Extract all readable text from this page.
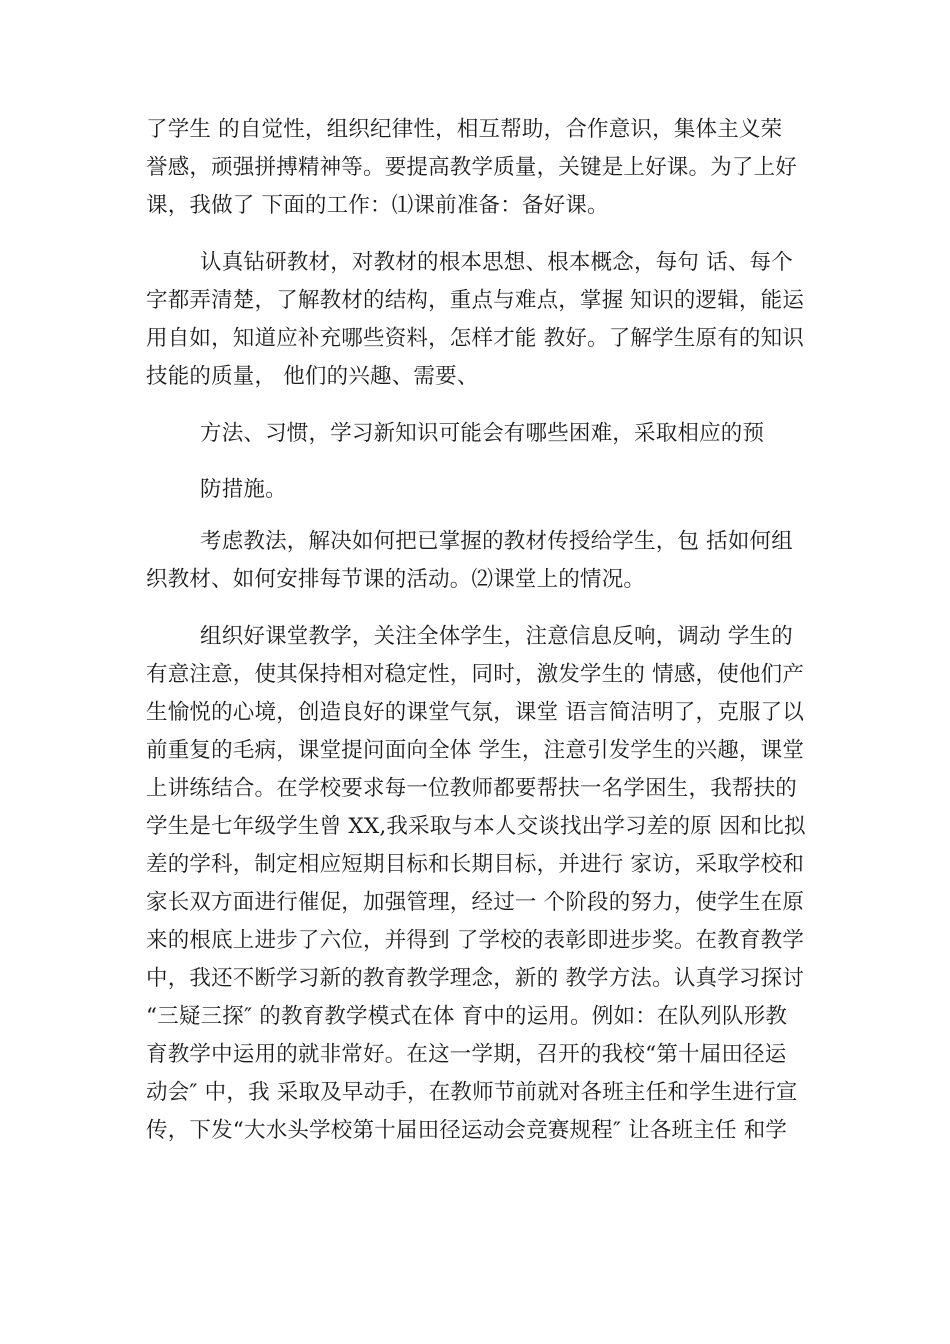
了学生 的自觉性，组织纪律性，相互帮助，合作意识，集体主义荣

誉感，顽强拼搏精神等。要提高教学质量，关键是上好课。为了上好

课，我做了 下面的工作：⑴课前准备：备好课。

认真钻研教材，对教材的根本思想、根本概念，每句 话、每个

字都弄清楚，了解教材的结构，重点与难点，掌握 知识的逻辑，能运

用自如，知道应补充哪些资料，怎样才能 教好。了解学生原有的知识

技能的质量， 他们的兴趣、需要、

方法、习惯，学习新知识可能会有哪些困难，采取相应的预

防措施。

考虑教法，解决如何把已掌握的教材传授给学生，包 括如何组

织教材、如何安排每节课的活动。⑵课堂上的情况。

组织好课堂教学，关注全体学生，注意信息反响，调动 学生的

有意注意，使其保持相对稳定性，同时，激发学生的 情感，使他们产

生愉悦的心境，创造良好的课堂气氛，课堂 语言简洁明了，克服了以

前重复的毛病，课堂提问面向全体 学生，注意引发学生的兴趣，课堂

上讲练结合。在学校要求每一位教师都要帮扶一名学困生，我帮扶的

学生是七年级学生曾 XX,我采取与本人交谈找出学习差的原 因和比拟

差的学科，制定相应短期目标和长期目标，并进行 家访，采取学校和

家长双方面进行催促，加强管理，经过一 个阶段的努力，使学生在原

来的根底上进步了六位，并得到 了学校的表彰即进步奖。在教育教学

中，我还不断学习新的教育教学理念，新的 教学方法。认真学习探讨

“三疑三探″ 的教育教学模式在体 育中的运用。例如：在队列队形教

育教学中运用的就非常好。在这一学期，召开的我校“第十届田径运

动会″ 中，我 采取及早动手，在教师节前就对各班主任和学生进行宣

传，下发“大水头学校第十届田径运动会竞赛规程″ 让各班主任 和学
